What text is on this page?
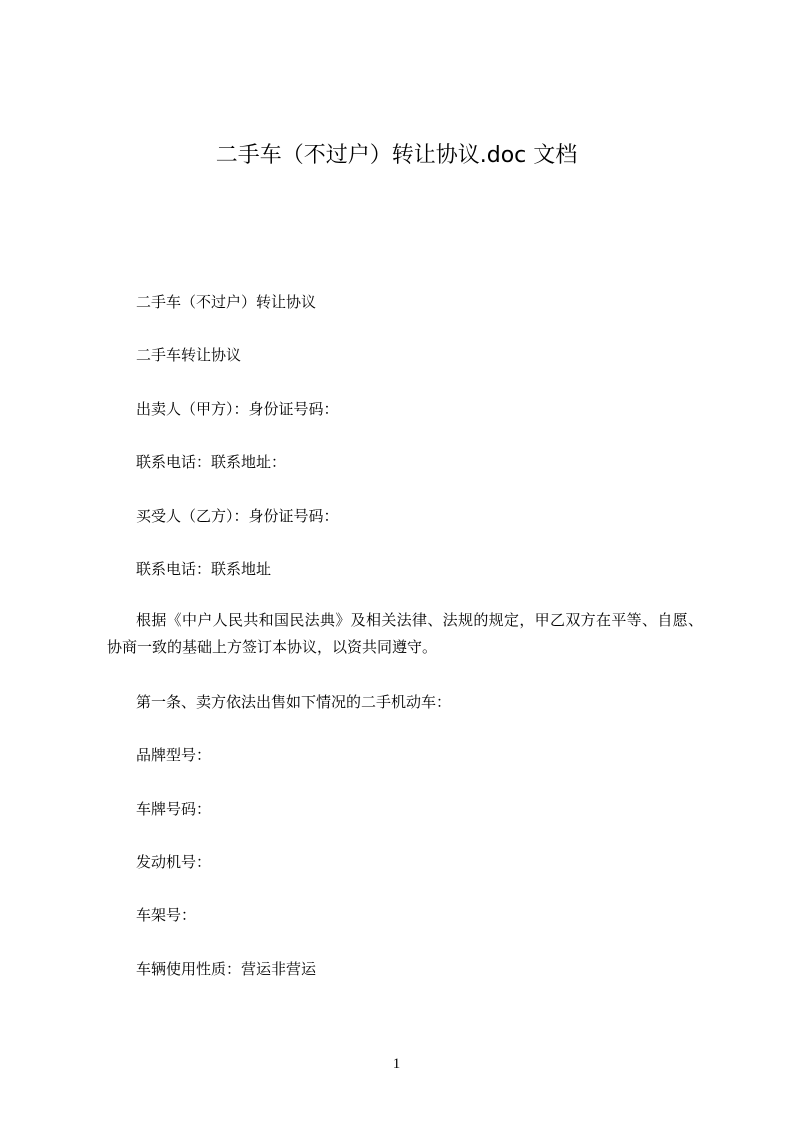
二手车（不过户）转让协议.doc 文档
二手车（不过户）转让协议
二手车转让协议
出卖人（甲方）：身份证号码：
联系电话：联系地址：
买受人（乙方）：身份证号码：
联系电话：联系地址
根据《中户人民共和国民法典》及相关法律、法规的规定，甲乙双方在平等、自愿、协商一致的基础上方签订本协议，以资共同遵守。
第一条、卖方依法出售如下情况的二手机动车：
品牌型号：
车牌号码：
发动机号：
车架号：
车辆使用性质：营运非营运
1
